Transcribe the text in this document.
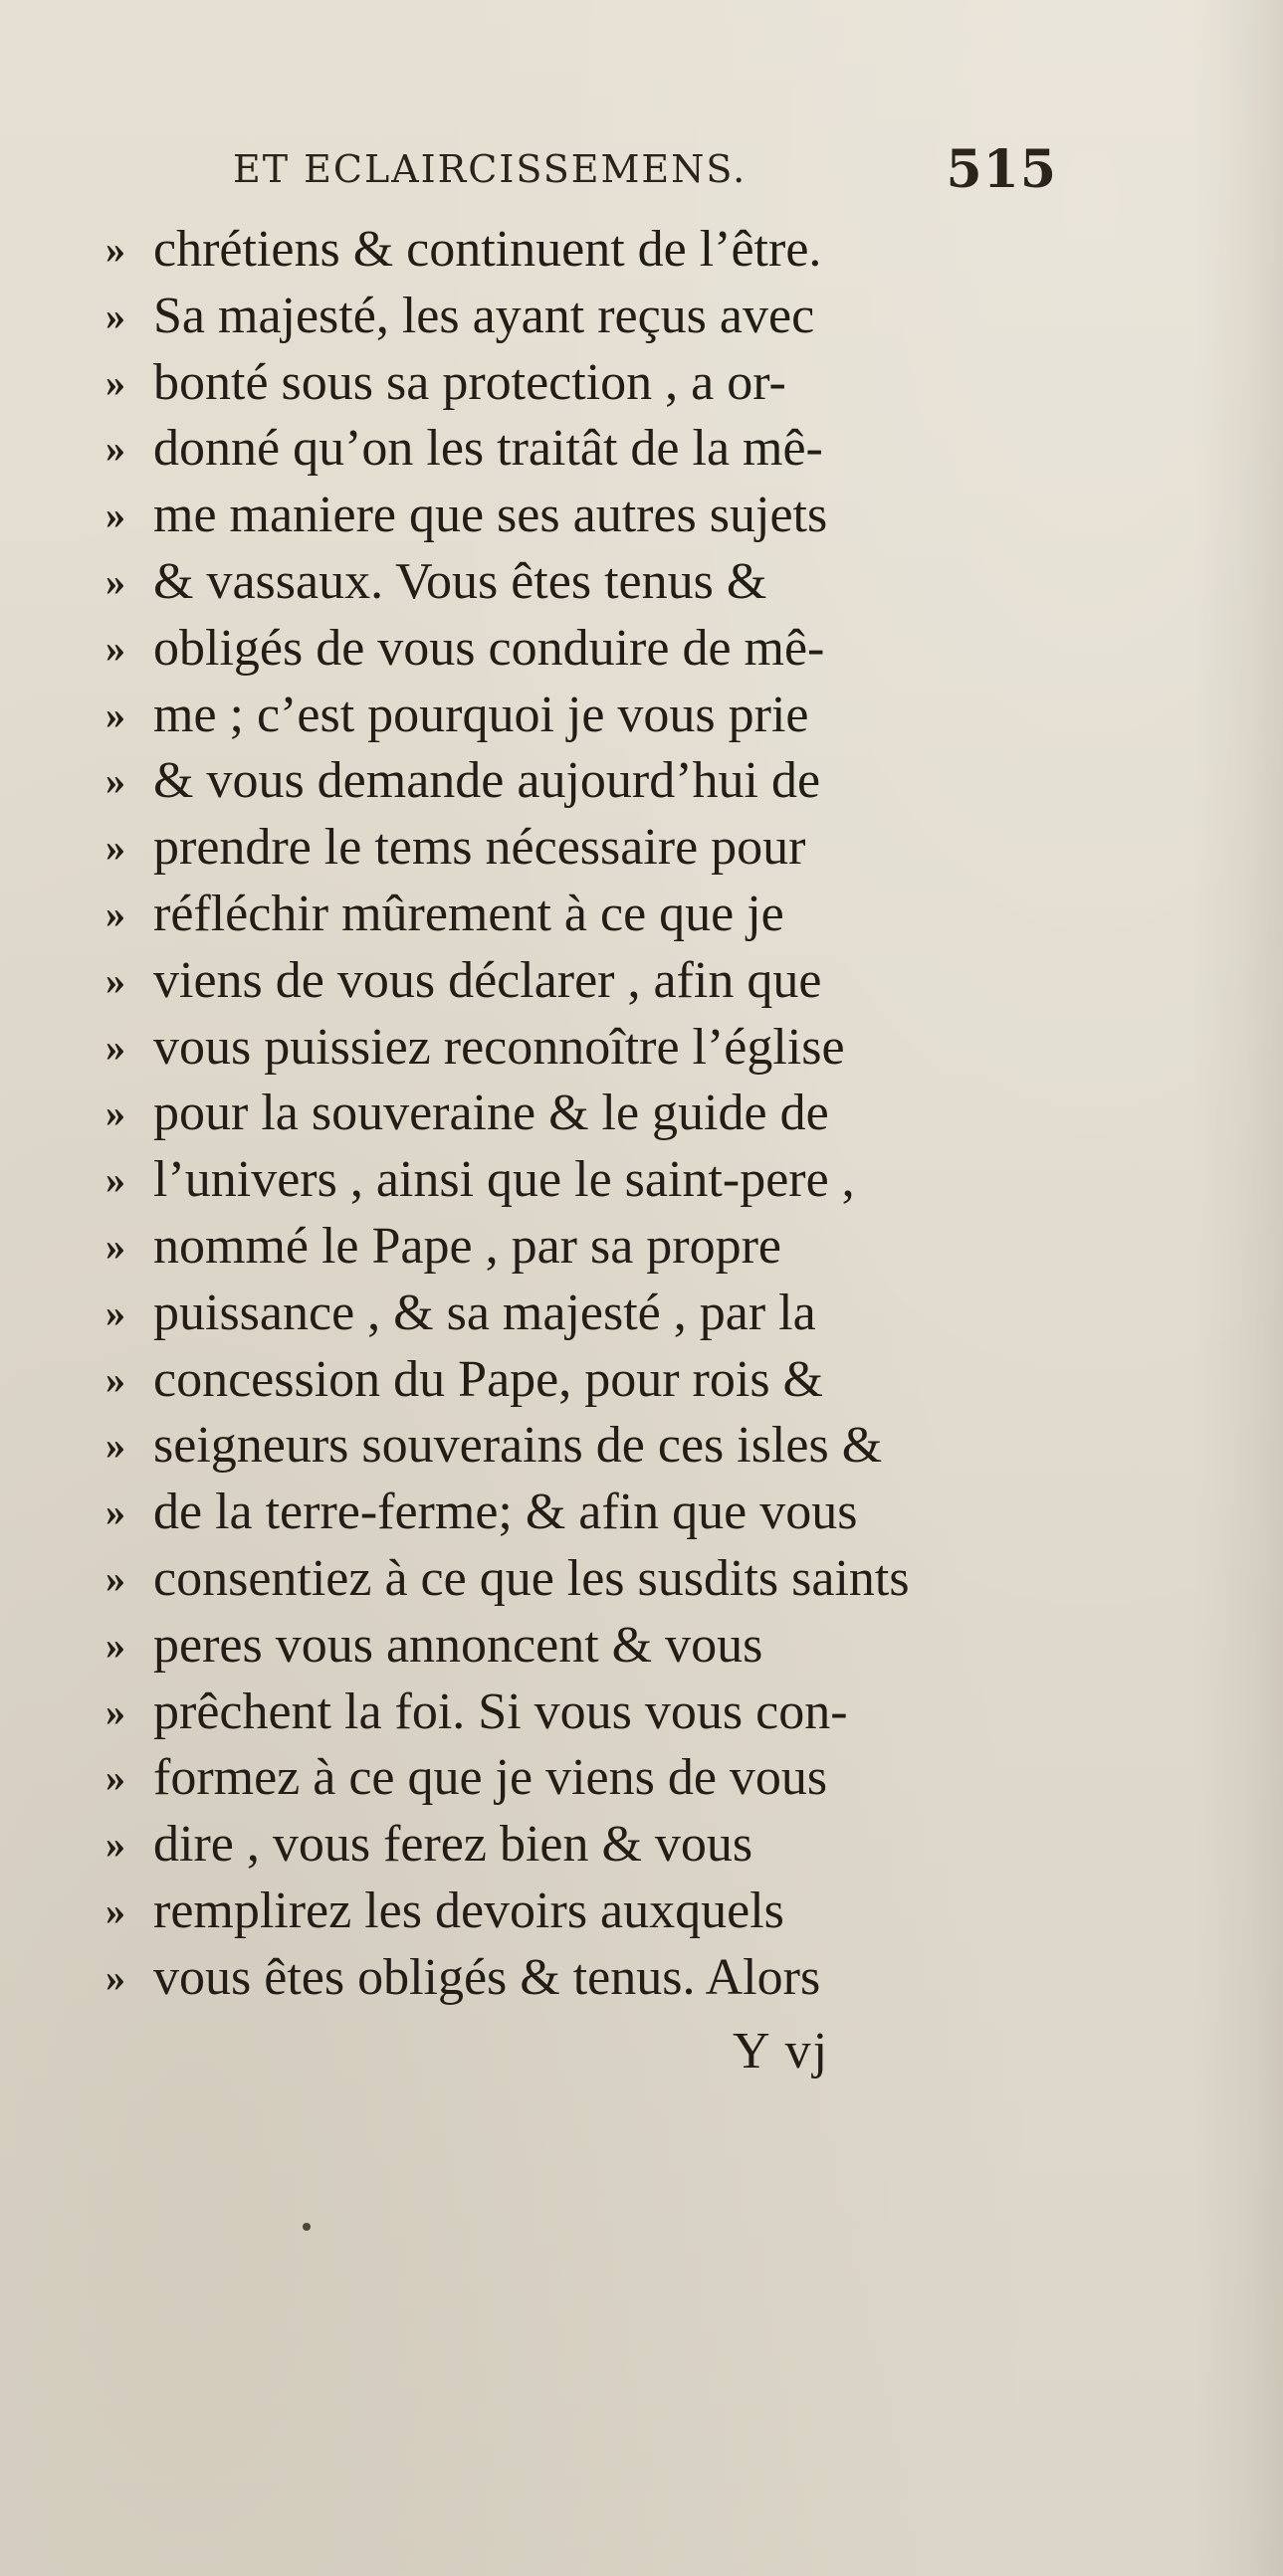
ET ECLAIRCISSEMENS.	515
» chrétiens & continuent de l’être.
» Sa majesté, les ayant reçus avec
» bonté sous sa protection , a or-
» donné qu’on les traitât de la mê-
» me maniere que ses autres sujets
» & vassaux. Vous êtes tenus &
» obligés de vous conduire de mê-
» me ; c’est pourquoi je vous prie
» & vous demande aujourd’hui de
» prendre le tems nécessaire pour
» réfléchir mûrement à ce que je
» viens de vous déclarer , afin que
» vous puissiez reconnoître l’église
» pour la souveraine & le guide de
» l’univers , ainsi que le saint-pere ,
» nommé le Pape , par sa propre
» puissance , & sa majesté , par la
» concession du Pape, pour rois &
» seigneurs souverains de ces isles &
» de la terre-ferme; & afin que vous
» consentiez à ce que les susdits saints
» peres vous annoncent & vous
» prêchent la foi. Si vous vous con-
» formez à ce que je viens de vous
» dire , vous ferez bien & vous
» remplirez les devoirs auxquels
» vous êtes obligés & tenus. Alors
Y vj
